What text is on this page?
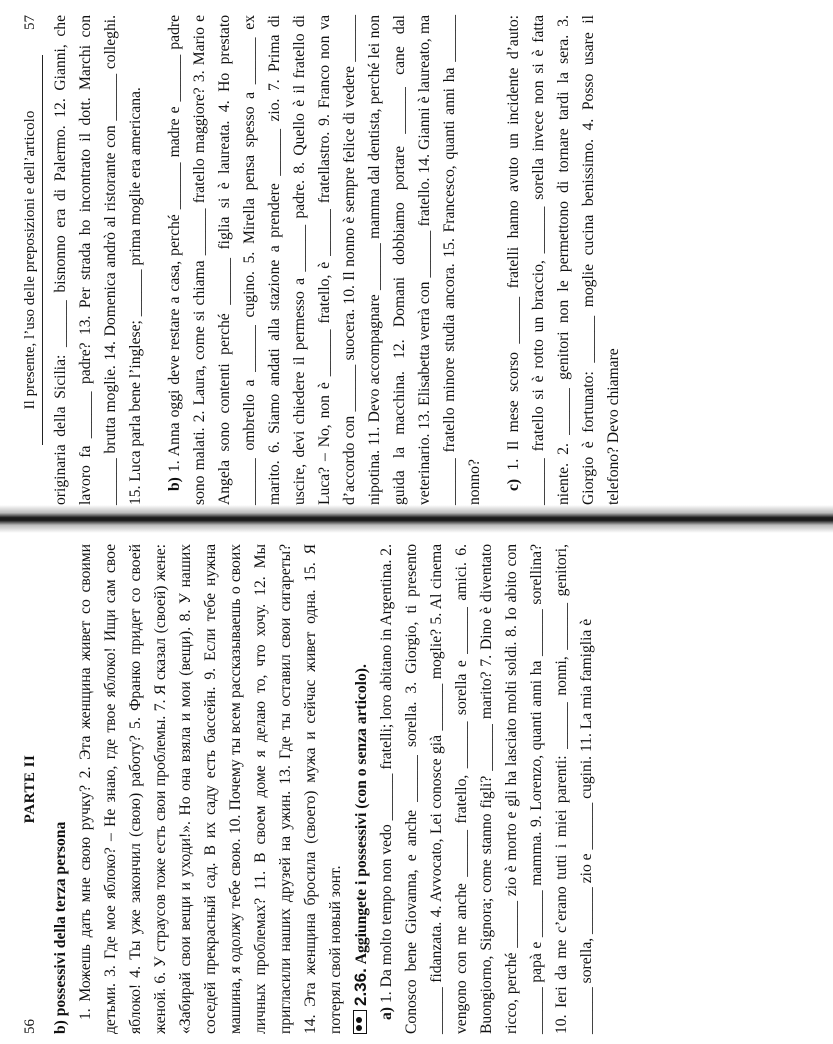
56
PARTE II

b) possessivi della terza persona 1. Можешь дать мне свою ручку? 2. Эта женщина живет со своими детьми. 3. Где мое яблоко? – Не знаю, где твое яблоко! Ищи сам свое яблоко! 4. Ты уже закончил (свою) работу? 5. Франко придет со своей женой. 6. У страусов тоже есть свои проблемы. 7. Я сказал (своей) жене: «Забирай свои вещи и уходи!». Но она взяла и мои (вещи). 8. У наших соседей прекрасный сад. В их саду есть бассейн. 9. Если тебе нужна машина, я одолжу тебе свою. 10. Почему ты всем рассказываешь о своих личных проблемах? 11. В своем доме я делаю то, что хочу. 12. Мы пригласили наших друзей на ужин. 13. Где ты оставил свои сигареты? 14. Эта женщина бросила (своего) мужа и сейчас живет одна. 15. Я потерял свой новый зонт. 2.36. Aggiungete i possessivi (con o senza articolo).

a) 1. Da molto tempo non vedo ______ fratelli; loro abitano in Argentina. 2. Conosco bene Giovanna, e anche ______ sorella. 3. Giorgio, ti presento ______ fidanzata. 4. Avvocato, Lei conosce già ______ moglie? 5. Al cinema vengono con me anche ______ fratello, ______ sorella e ______ amici. 6. Buongiorno, Signora; come stanno figli? ______ marito? 7. Dino è diventato ricco, perché ______ zio è morto e gli ha lasciato molti soldi. 8. Io abito con ______ papà e ______ mamma. 9. Lorenzo, quanti anni ha ______ sorellina? 10. Ieri da me c’erano tutti i miei parenti: ______ nonni, ______ genitori, ______ sorella, ______ zio e ______ cugini. 11. La mia famiglia è

Il presente, l’uso delle preposizioni e dell’articolo
57 originaria della Sicilia: ______ bisnonno era di Palermo. 12. Gianni, che lavoro fa ______ padre? 13. Per strada ho incontrato il dott. Marchi con ______ brutta moglie. 14. Domenica andrò al ristorante con ______ colleghi. 15. Luca parla bene l’inglese; ______ prima moglie era americana. b) 1. Anna oggi deve restare a casa, perché ______ madre e ______ padre sono malati. 2. Laura, come si chiama ______ fratello maggiore? 3. Mario e Angela sono contenti perché ______ figlia si è laureata. 4. Ho prestato ______ ombrello a ______ cugino. 5. Mirella pensa spesso a ______ ex marito. 6. Siamo andati alla stazione a prendere ______ zio. 7. Prima di uscire, devi chiedere il permesso a ______ padre. 8. Quello è il fratello di Luca? – No, non è ______ fratello, è ______ fratellastro. 9. Franco non va d’accordo con ______ suocera. 10. Il nonno è sempre felice di vedere ______ nipotina. 11. Devo accompagnare ______ mamma dal dentista, perché lei non guida la macchina. 12. Domani dobbiamo portare ______ cane dal veterinario. 13. Elisabetta verrà con ______ fratello. 14. Gianni è laureato, ma ______ fratello minore studia ancora. 15. Francesco, quanti anni ha ______ nonno? c) 1. Il mese scorso ______ fratelli hanno avuto un incidente d’auto: ______ fratello si è rotto un braccio, ______ sorella invece non si è fatta niente. 2. ______ genitori non le permettono di tornare tardi la sera. 3. Giorgio è fortunato: ______ moglie cucina benissimo. 4. Posso usare il telefono? Devo chiamare
